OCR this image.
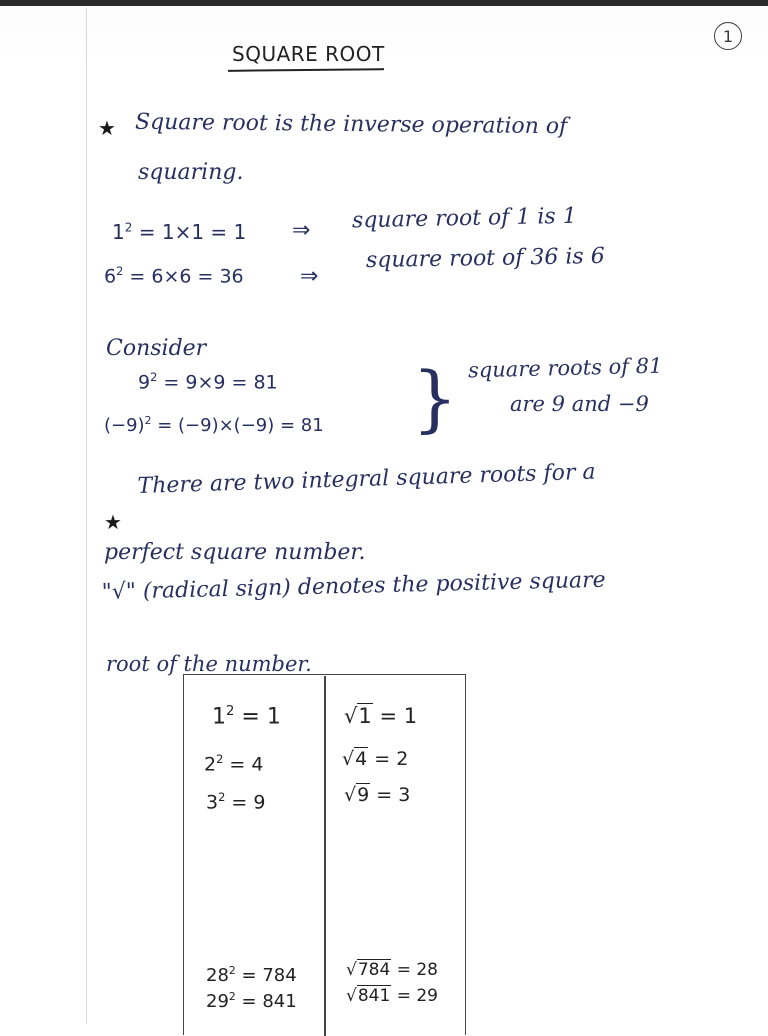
1
SQUARE ROOT
★ Square root is the inverse operation of
squaring.
$1^2 = 1\times 1 = 1$ ⇒ square root of 1 is 1
$6^2 = 6\times 6 = 36$	⇒
square root of 36 is 6
Consider
$9^2 = 9\times 9 = 81$
$(-9)^2 = (-9)\times(-9) = 81$ } square roots of 81
are 9 and −9
★
There are two integral square roots for a
perfect square number.
"√" (radical sign) denotes the positive square
root of the number.
$1^2 = 1$
$2^2 = 4$
$3^2 = 9$
$28^2 = 784$
$29^2 = 841$
√1 = 1
√4 = 2
√9 = 3
√784 = 28
√841 = 29
